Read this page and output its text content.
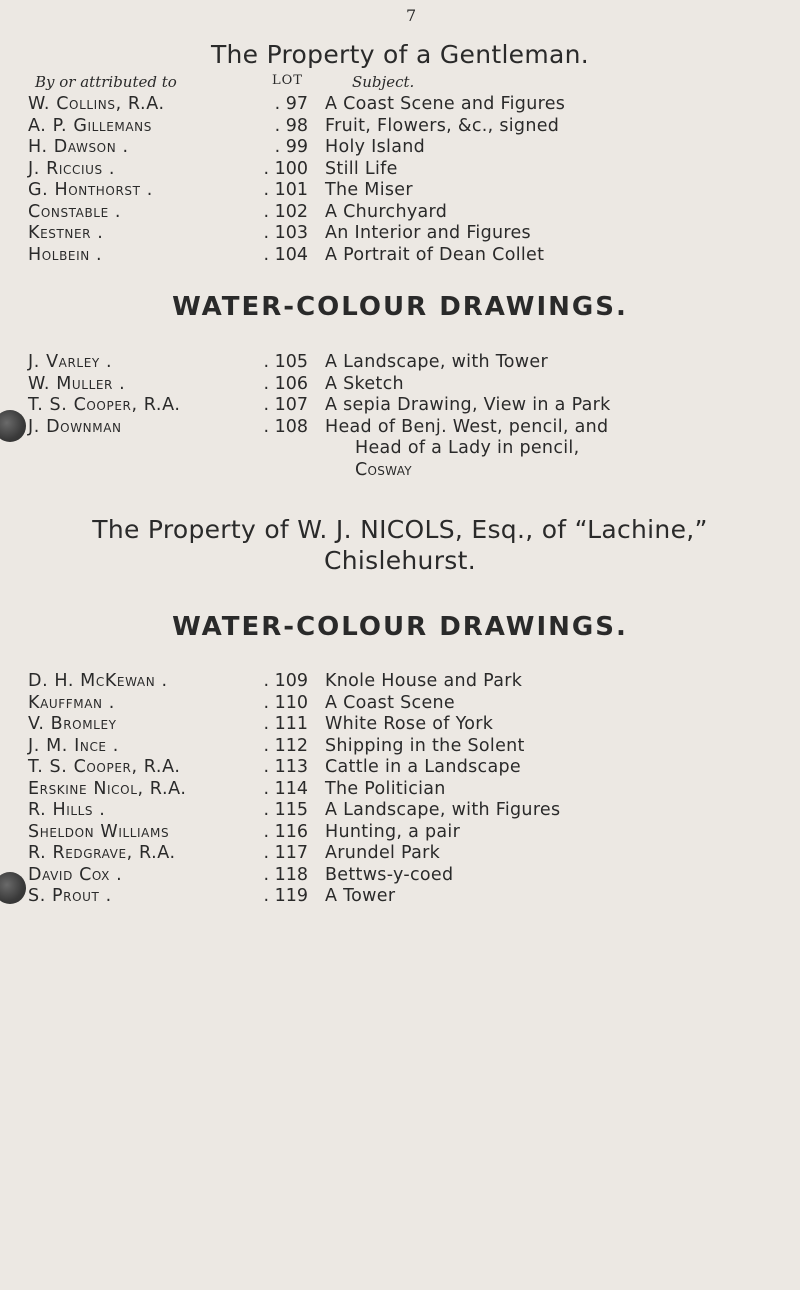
7
The Property of a Gentleman.
By or attributed to	LOT	Subject.
W. Collins, R.A.	. 97 A Coast Scene and Figures
A. P. Gillemans	. 98 Fruit, Flowers, &c., signed
H. Dawson .	. 99 Holy Island
J. Riccius .	. 100 Still Life
G. Honthorst .	. 101 The Miser
Constable .	. 102 A Churchyard
Kestner .	. 103 An Interior and Figures
Holbein .	. 104 A Portrait of Dean Collet
WATER-COLOUR DRAWINGS.
J. Varley .	. 105 A Landscape, with Tower
W. Muller .	. 106 A Sketch
T. S. Cooper, R.A.	. 107 A sepia Drawing, View in a Park
J. Downman	. 108 Head of Benj. West, pencil, and
Head of a Lady in pencil,
Cosway
The Property of W. J. NICOLS, Esq., of “Lachine,”
Chislehurst.
WATER-COLOUR DRAWINGS.
D. H. McKewan .	. 109 Knole House and Park
Kauffman .	. 110 A Coast Scene
V. Bromley	. 111 White Rose of York
J. M. Ince .	. 112 Shipping in the Solent
T. S. Cooper, R.A.	. 113 Cattle in a Landscape
Erskine Nicol, R.A.	. 114 The Politician
R. Hills .	. 115 A Landscape, with Figures
Sheldon Williams	. 116 Hunting, a pair
R. Redgrave, R.A.	. 117 Arundel Park
David Cox .	. 118 Bettws-y-coed
S. Prout .	. 119 A Tower
